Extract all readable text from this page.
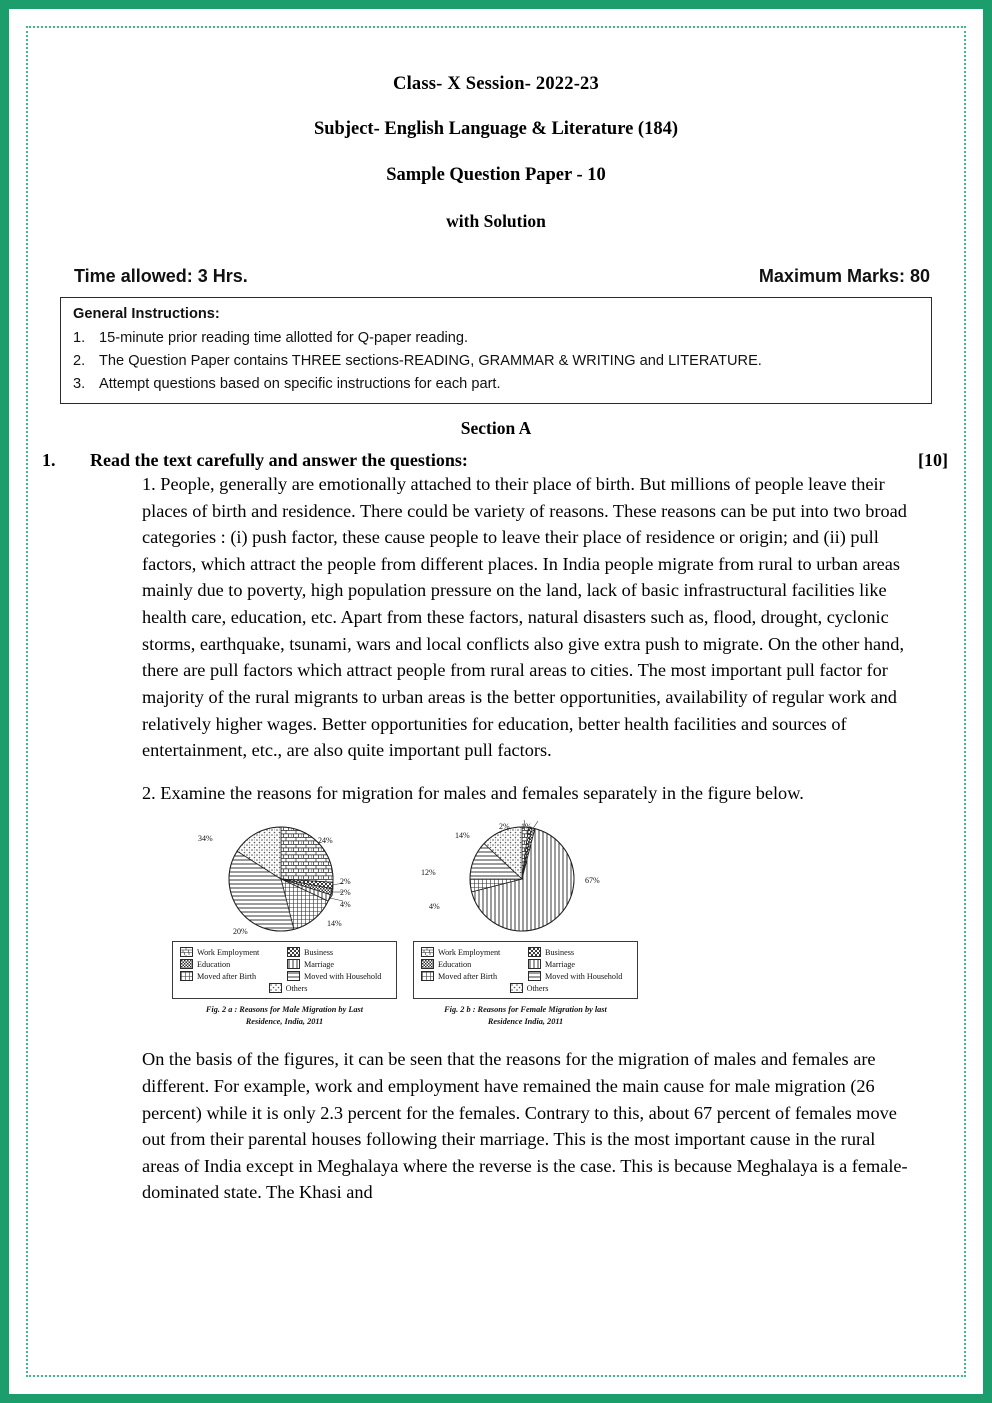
Class- X Session- 2022-23
Subject- English Language & Literature (184)
Sample Question Paper - 10
with Solution
Time allowed: 3 Hrs.	Maximum Marks: 80
General Instructions:
1. 15-minute prior reading time allotted for Q-paper reading.
2. The Question Paper contains THREE sections-READING, GRAMMAR & WRITING and LITERATURE.
3. Attempt questions based on specific instructions for each part.
Section A
1.	Read the text carefully and answer the questions:	[10]
1. People, generally are emotionally attached to their place of birth. But millions of people leave their places of birth and residence. There could be variety of reasons. These reasons can be put into two broad categories : (i) push factor, these cause people to leave their place of residence or origin; and (ii) pull factors, which attract the people from different places. In India people migrate from rural to urban areas mainly due to poverty, high population pressure on the land, lack of basic infrastructural facilities like health care, education, etc. Apart from these factors, natural disasters such as, flood, drought, cyclonic storms, earthquake, tsunami, wars and local conflicts also give extra push to migrate. On the other hand, there are pull factors which attract people from rural areas to cities. The most important pull factor for majority of the rural migrants to urban areas is the better opportunities, availability of regular work and relatively higher wages. Better opportunities for education, better health facilities and sources of entertainment, etc., are also quite important pull factors.
2. Examine the reasons for migration for males and females separately in the figure below.
34%	24%
2%
2%
4%
14%
20%
Work Employment	Business
Education	Marriage
Moved after Birth	Moved with Household
Others
Fig. 2 a : Reasons for Male Migration by Last
Residence, India, 2011
2% 1%
14%
12%
4%
67%
Work Employment	Business
Education	Marriage
Moved after Birth	Moved with Household
Others
Fig. 2 b : Reasons for Female Migration by last
Residence India, 2011
On the basis of the figures, it can be seen that the reasons for the migration of males and females are different. For example, work and employment have remained the main cause for male migration (26 percent) while it is only 2.3 percent for the females. Contrary to this, about 67 percent of females move out from their parental houses following their marriage. This is the most important cause in the rural areas of India except in Meghalaya where the reverse is the case. This is because Meghalaya is a female-dominated state. The Khasi and
